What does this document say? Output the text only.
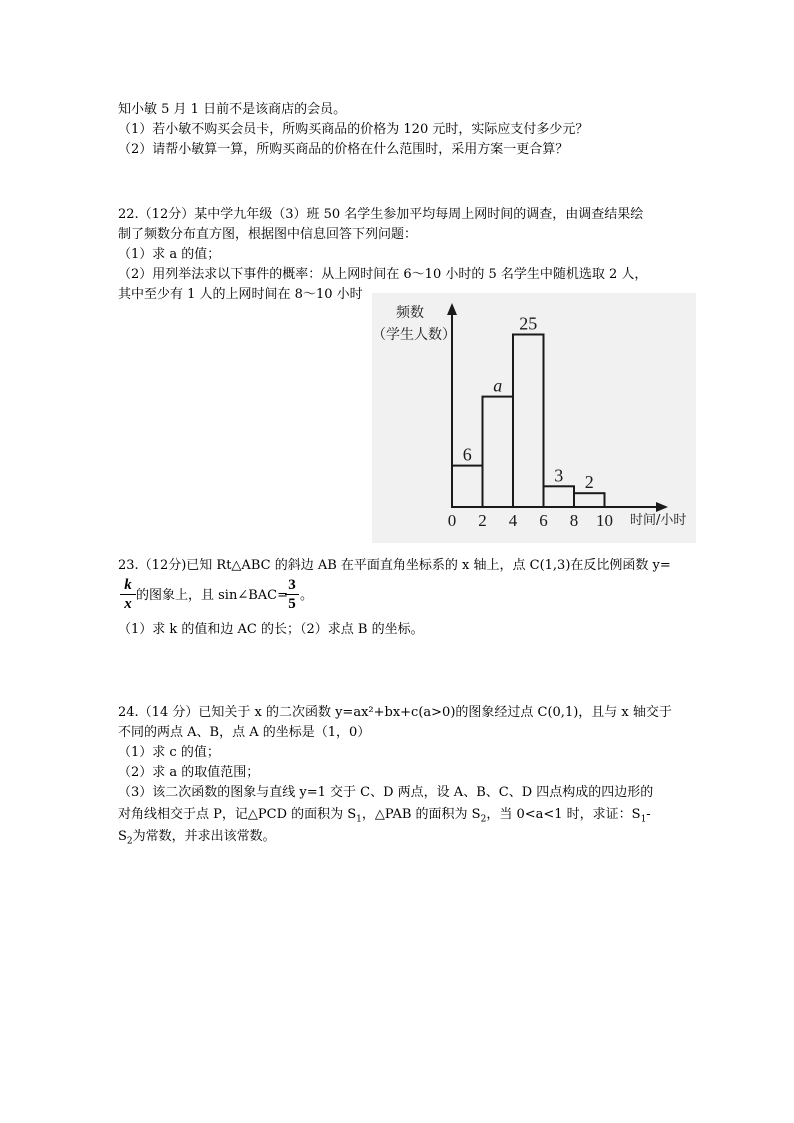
知小敏 5 月 1 日前不是该商店的会员。
（1）若小敏不购买会员卡，所购买商品的价格为 120 元时，实际应支付多少元？
（2）请帮小敏算一算，所购买商品的价格在什么范围时，采用方案一更合算？
22.（12分）某中学九年级（3）班 50 名学生参加平均每周上网时间的调查，由调查结果绘
制了频数分布直方图，根据图中信息回答下列问题：
（1）求 a 的值；
（2）用列举法求以下事件的概率：从上网时间在 6～10 小时的 5 名学生中随机选取 2 人，
其中至少有 1 人的上网时间在 8～10 小时
频数
（学生人数）
6
a
25
3 2
0 2 4 6 8 10 时间/小时
23.（12分)已知 Rt△ABC 的斜边 AB 在平面直角坐标系的 x 轴上，点 C(1,3)在反比例函数 y=
k
x
的图象上，且 sin∠BAC=
3
5
。
（1）求 k 的值和边 AC 的长；（2）求点 B 的坐标。
24.（14 分）已知关于 x 的二次函数 y=ax²+bx+c(a>0)的图象经过点 C(0,1)，且与 x 轴交于
不同的两点 A、B，点 A 的坐标是（1，0）
（1）求 c 的值；
（2）求 a 的取值范围；
（3）该二次函数的图象与直线 y=1 交于 C、D 两点，设 A、B、C、D 四点构成的四边形的
对角线相交于点 P，记△PCD 的面积为 $S_1$，△PAB 的面积为 $S_2$，当 0<a<1 时，求证：$S_1-$
$S_2$为常数，并求出该常数。
